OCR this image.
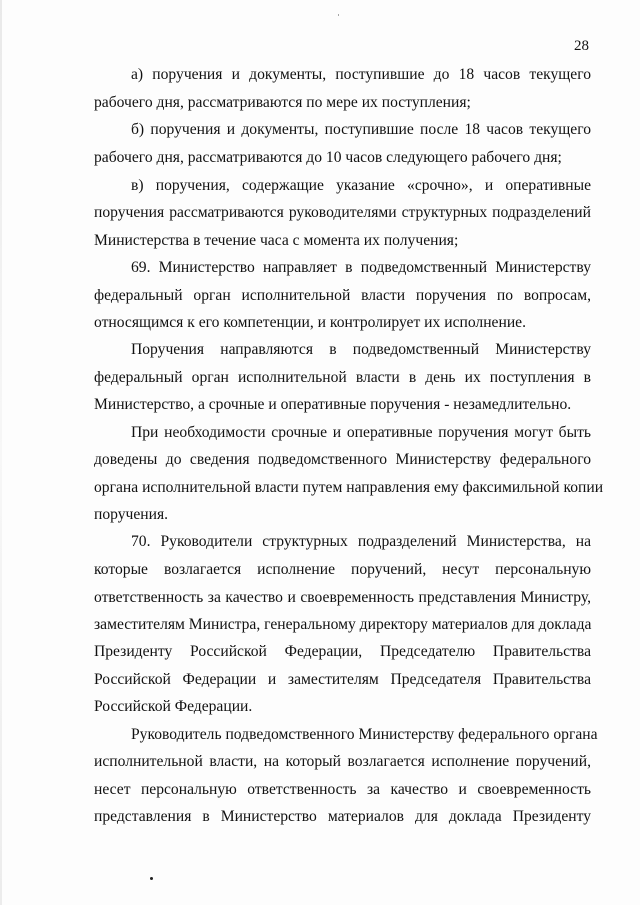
28
а) поручения и документы, поступившие до 18 часов текущего
рабочего дня, рассматриваются по мере их поступления;
б) поручения и документы, поступившие после 18 часов текущего
рабочего дня, рассматриваются до 10 часов следующего рабочего дня;
в) поручения, содержащие указание «срочно», и оперативные
поручения рассматриваются руководителями структурных подразделений
Министерства в течение часа с момента их получения;
69. Министерство направляет в подведомственный Министерству
федеральный орган исполнительной власти поручения по вопросам,
относящимся к его компетенции, и контролирует их исполнение.
Поручения направляются в подведомственный Министерству
федеральный орган исполнительной власти в день их поступления в
Министерство, а срочные и оперативные поручения - незамедлительно.
При необходимости срочные и оперативные поручения могут быть
доведены до сведения подведомственного Министерству федерального
органа исполнительной власти путем направления ему факсимильной копии
поручения.
70. Руководители структурных подразделений Министерства, на
которые возлагается исполнение поручений, несут персональную
ответственность за качество и своевременность представления Министру,
заместителям Министра, генеральному директору материалов для доклада
Президенту Российской Федерации, Председателю Правительства
Российской Федерации и заместителям Председателя Правительства
Российской Федерации.
Руководитель подведомственного Министерству федерального органа
исполнительной власти, на который возлагается исполнение поручений,
несет персональную ответственность за качество и своевременность
представления в Министерство материалов для доклада Президенту
